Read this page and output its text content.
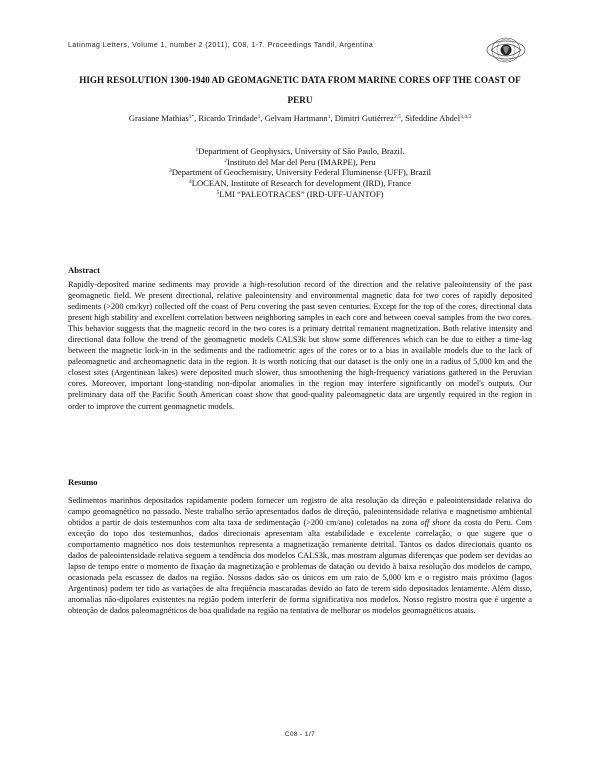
Latinmag Letters, Volume 1, number 2 (2011), C08, 1-7. Proceedings Tandil, Argentina
HIGH RESOLUTION 1300-1940 AD GEOMAGNETIC DATA FROM MARINE CORES OFF THE COAST OF PERU
Grasiane Mathias$^{1*}$, Ricardo Trindade$^1$, Gelvam Hartmann$^1$, Dimitri Gutiérrez$^{2,5}$, Sifeddine Abdel$^{3,4,5}$
$^1$Department of Geophysics, University of São Paulo, Brazil.
$^2$Instituto del Mar del Peru (IMARPE), Peru
$^3$Department of Geochemistry, University Federal Fluminense (UFF), Brazil
$^4$LOCEAN, Institute of Research for development (IRD), France
$^5$LMI “PALEOTRACES” (IRD-UFF-UANTOF)
Abstract
Rapidly-deposited marine sediments may provide a high-resolution record of the direction and the relative paleointensity of the past geomagnetic field. We present directional, relative paleointensity and environmental magnetic data for two cores of rapidly deposited sediments (>200 cm/kyr) collected off the coast of Peru covering the past seven centuries. Except for the top of the cores, directional data present high stability and excellent correlation between neighboring samples in each core and between coeval samples from the two cores. This behavior suggests that the magnetic record in the two cores is a primary detrital remanent magnetization. Both relative intensity and directional data follow the trend of the geomagnetic models CALS3k but show some differences which can be due to either a time-lag between the magnetic lock-in in the sediments and the radiometric ages of the cores or to a bias in available models due to the lack of paleomagnetic and archeomagnetic data in the region. It is worth noticing that our dataset is the only one in a radius of 5,000 km and the closest sites (Argentinean lakes) were deposited much slower, thus smoothening the high-frequency variations gathered in the Peruvian cores. Moreover, important long-standing non-dipolar anomalies in the region may interfere significantly on model's outputs. Our preliminary data off the Pacific South American coast show that good-quality paleomagnetic data are urgently required in the region in order to improve the current geomagnetic models.
Resumo
Sedimentos marinhos depositados rapidamente podem fornecer um registro de alta resolução da direção e paleointensidade relativa do campo geomagnético no passado. Neste trabalho serão apresentados dados de direção, paleointensidade relativa e magnetismo ambiental obtidos a partir de dois testemunhos com alta taxa de sedimentação (>200 cm/ano) coletados na zona off shore da costa do Peru. Com exceção do topo dos testemunhos, dados direcionais apresentam alta estabilidade e excelente correlação, o que sugere que o comportamento magnético nos dois testemunhos representa a magnetização remanente detrital. Tantos os dados direcionais quanto os dados de paleointensidade relativa seguem a tendência dos modelos CALS3k, mas mostram algumas diferenças que podem ser devidas ao lapso de tempo entre o momento de fixação da magnetização e problemas de datação ou devido à baixa resolução dos modelos de campo, ocasionada pela escassez de dados na região. Nossos dados são os únicos em um raio de 5,000 km e o registro mais próximo (lagos Argentinos) podem ter tido as variações de alta freqüência mascaradas devido ao fato de terem sido depositados lentamente. Além disso, anomalias não-dipolares existentes na região podem interferir de forma significativa nos modelos. Nosso registro mostra que é urgente a obtenção de dados paleomagnéticos de boa qualidade na região na tentativa de melhorar os modelos geomagnéticos atuais.
C08 - 1/7
